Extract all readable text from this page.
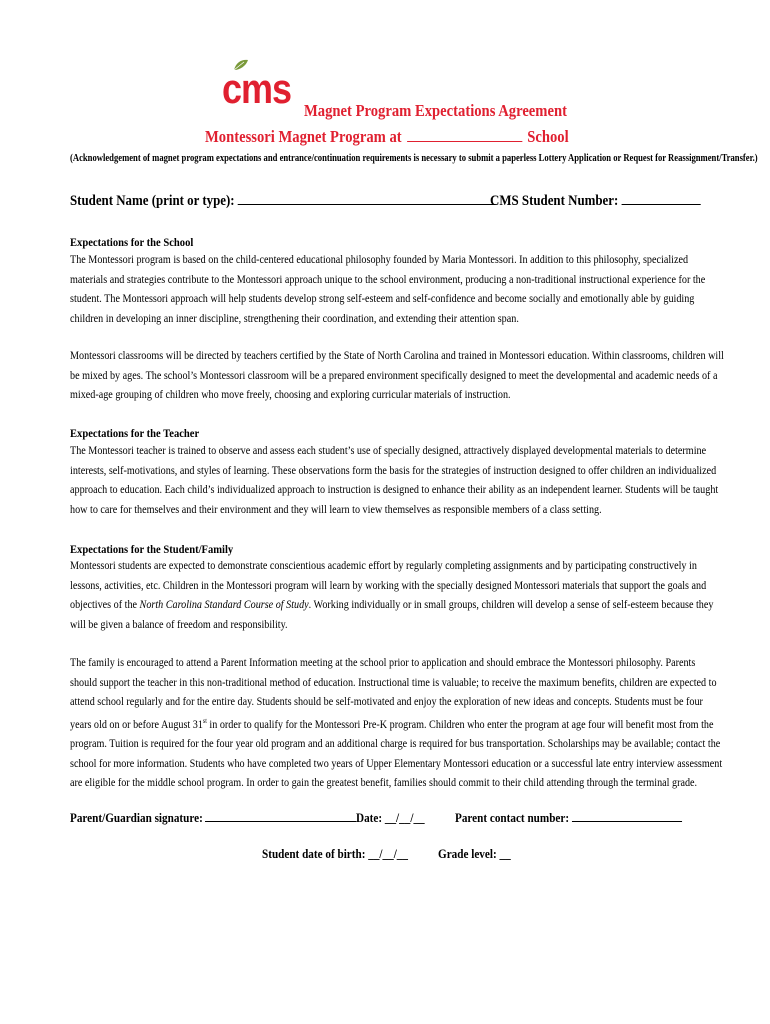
cms Magnet Program Expectations Agreement
Montessori Magnet Program at	School
(Acknowledgement of magnet program expectations and entrance/continuation requirements is necessary to submit a paperless Lottery Application or Request for Reassignment/Transfer.)
Student Name (print or type):	CMS Student Number:
Expectations for the School
The Montessori program is based on the child-centered educational philosophy founded by Maria Montessori. In addition to this philosophy, specialized
materials and strategies contribute to the Montessori approach unique to the school environment, producing a non-traditional instructional experience for the
student. The Montessori approach will help students develop strong self-esteem and self-confidence and become socially and emotionally able by guiding
children in developing an inner discipline, strengthening their coordination, and extending their attention span.
Montessori classrooms will be directed by teachers certified by the State of North Carolina and trained in Montessori education. Within classrooms, children will
be mixed by ages. The school’s Montessori classroom will be a prepared environment specifically designed to meet the developmental and academic needs of a
mixed-age grouping of children who move freely, choosing and exploring curricular materials of instruction.
Expectations for the Teacher
The Montessori teacher is trained to observe and assess each student’s use of specially designed, attractively displayed developmental materials to determine
interests, self-motivations, and styles of learning. These observations form the basis for the strategies of instruction designed to offer children an individualized
approach to education. Each child’s individualized approach to instruction is designed to enhance their ability as an independent learner. Students will be taught
how to care for themselves and their environment and they will learn to view themselves as responsible members of a class setting.
Expectations for the Student/Family
Montessori students are expected to demonstrate conscientious academic effort by regularly completing assignments and by participating constructively in
lessons, activities, etc. Children in the Montessori program will learn by working with the specially designed Montessori materials that support the goals and
objectives of the North Carolina Standard Course of Study. Working individually or in small groups, children will develop a sense of self-esteem because they
will be given a balance of freedom and responsibility.
The family is encouraged to attend a Parent Information meeting at the school prior to application and should embrace the Montessori philosophy. Parents
should support the teacher in this non-traditional method of education. Instructional time is valuable; to receive the maximum benefits, children are expected to
attend school regularly and for the entire day. Students should be self-motivated and enjoy the exploration of new ideas and concepts. Students must be four
years old on or before August 31st in order to qualify for the Montessori Pre-K program. Children who enter the program at age four will benefit most from the
program. Tuition is required for the four year old program and an additional charge is required for bus transportation. Scholarships may be available; contact the
school for more information. Students who have completed two years of Upper Elementary Montessori education or a successful late entry interview assessment
are eligible for the middle school program. In order to gain the greatest benefit, families should commit to their child attending through the terminal grade.
Parent/Guardian signature:	Date: __/__/__ Parent contact number:
Student date of birth: __/__/__ Grade level: __
